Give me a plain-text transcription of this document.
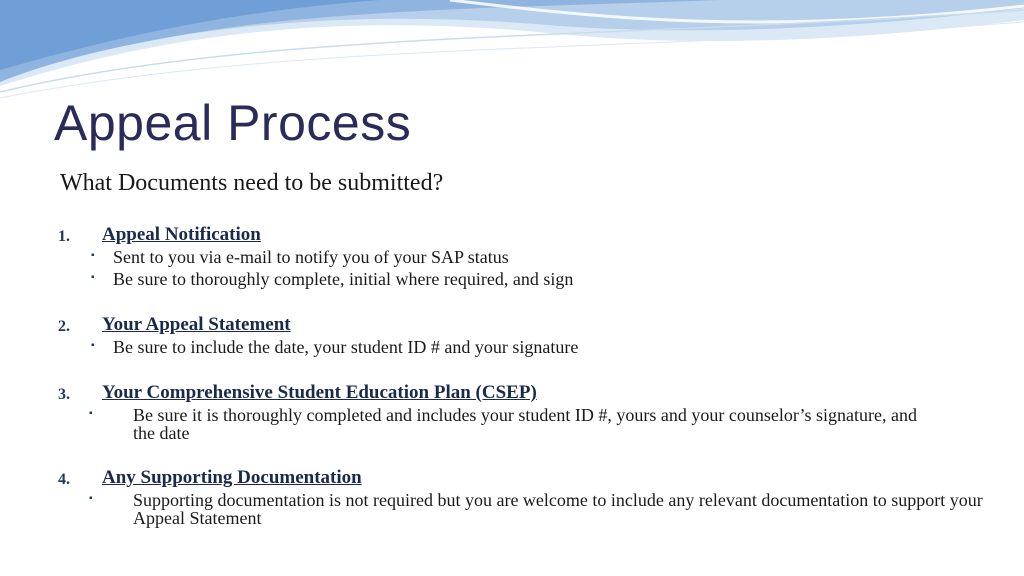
Appeal Process

What Documents need to be submitted?

1. Appeal Notification
▪ Sent to you via e-mail to notify you of your SAP status
▪ Be sure to thoroughly complete, initial where required, and sign
2. Your Appeal Statement
▪ Be sure to include the date, your student ID # and your signature
3. Your Comprehensive Student Education Plan (CSEP)
▪ Be sure it is thoroughly completed and includes your student ID #, yours and your counselor’s signature, and the date
4. Any Supporting Documentation
▪ Supporting documentation is not required but you are welcome to include any relevant documentation to support your Appeal Statement
